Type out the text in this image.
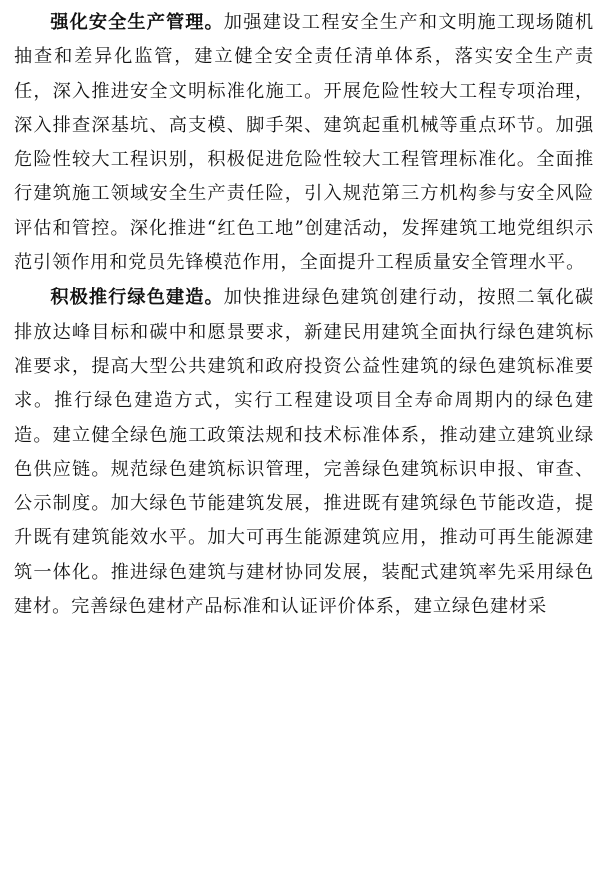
强化安全生产管理。加强建设工程安全生产和文明施工现场随机抽查和差异化监管，建立健全安全责任清单体系，落实安全生产责任，深入推进安全文明标准化施工。开展危险性较大工程专项治理，深入排查深基坑、高支模、脚手架、建筑起重机械等重点环节。加强危险性较大工程识别，积极促进危险性较大工程管理标准化。全面推行建筑施工领域安全生产责任险，引入规范第三方机构参与安全风险评估和管控。深化推进“红色工地”创建活动，发挥建筑工地党组织示范引领作用和党员先锋模范作用，全面提升工程质量安全管理水平。

积极推行绿色建造。加快推进绿色建筑创建行动，按照二氧化碳排放达峰目标和碳中和愿景要求，新建民用建筑全面执行绿色建筑标准要求，提高大型公共建筑和政府投资公益性建筑的绿色建筑标准要求。推行绿色建造方式，实行工程建设项目全寿命周期内的绿色建造。建立健全绿色施工政策法规和技术标准体系，推动建立建筑业绿色供应链。规范绿色建筑标识管理，完善绿色建筑标识申报、审查、公示制度。加大绿色节能建筑发展，推进既有建筑绿色节能改造，提升既有建筑能效水平。加大可再生能源建筑应用，推动可再生能源建筑一体化。推进绿色建筑与建材协同发展，装配式建筑率先采用绿色建材。完善绿色建材产品标准和认证评价体系，建立绿色建材采
